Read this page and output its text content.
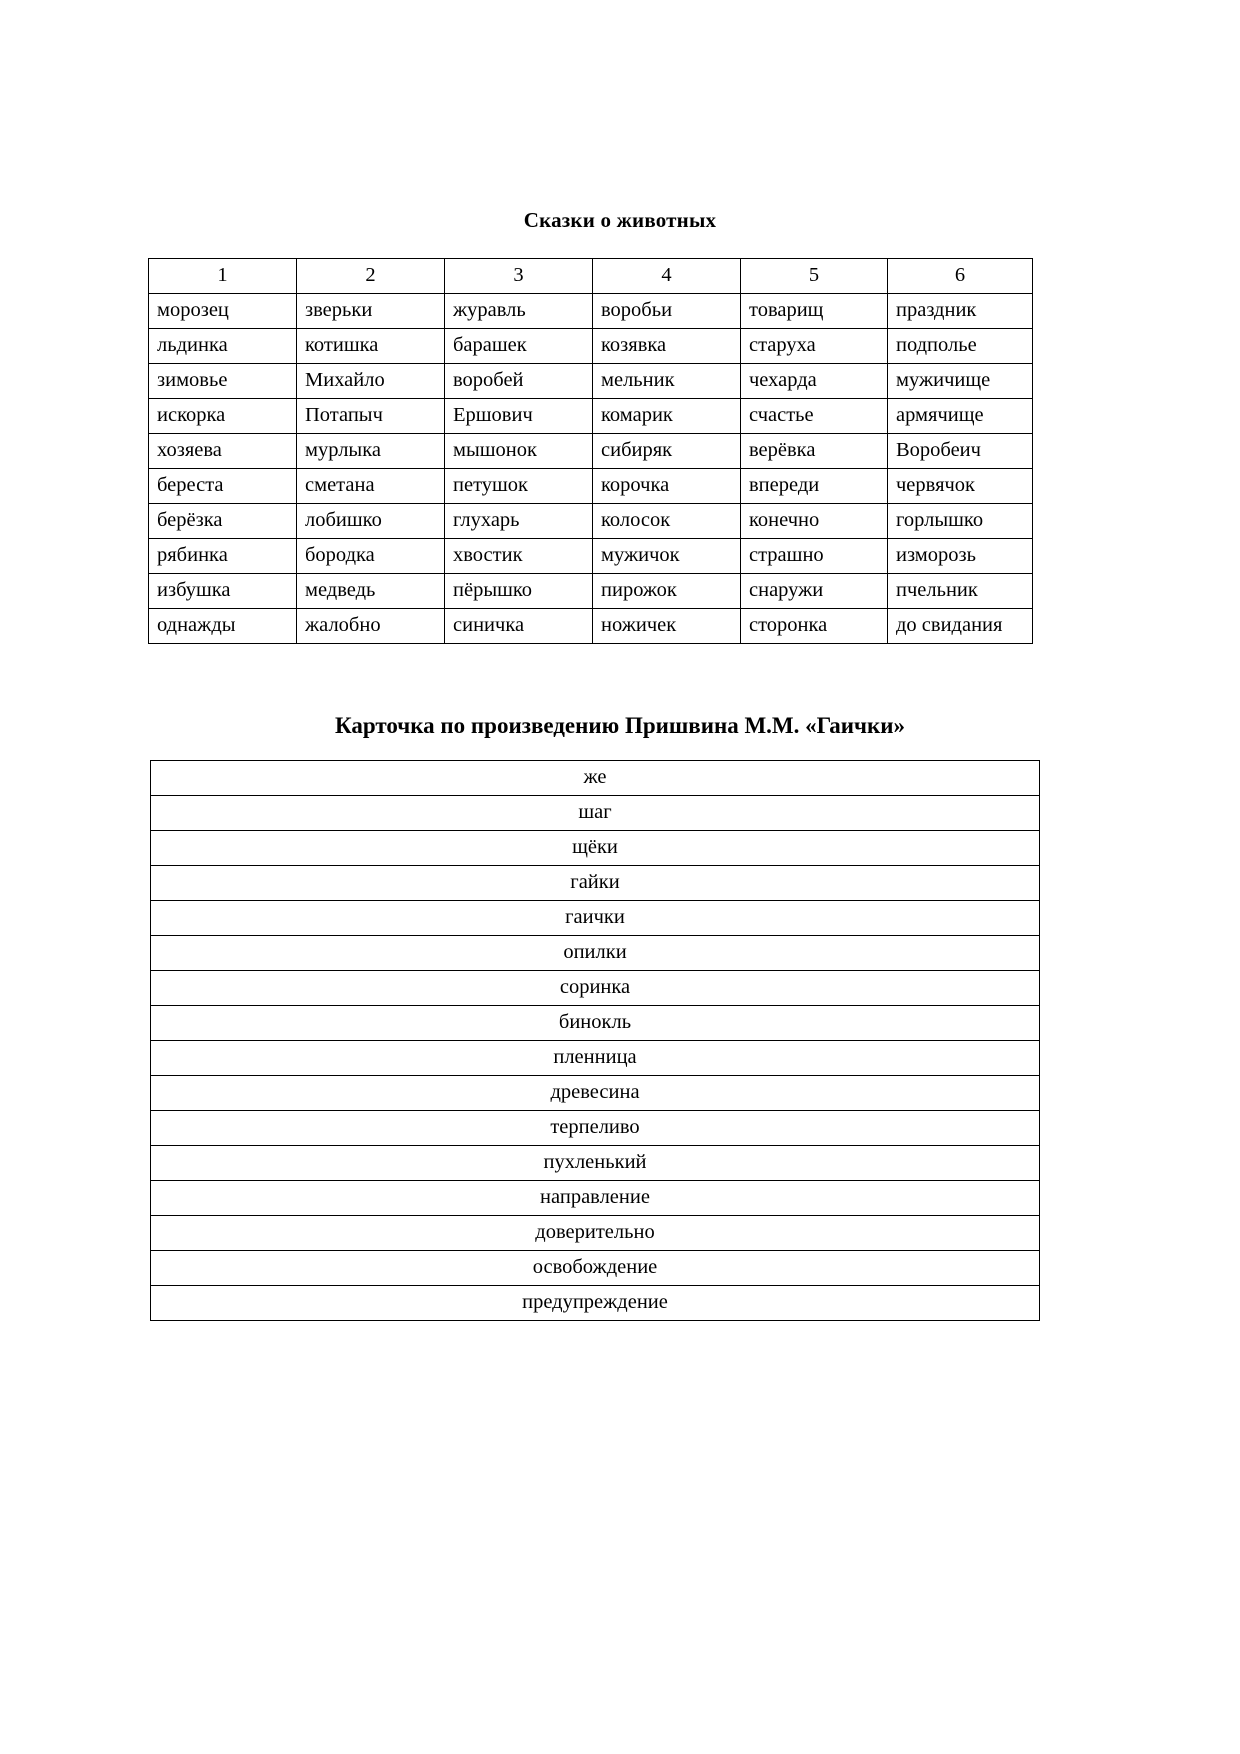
Сказки о животных
1	2	3	4	5	6
морозец	зверьки	журавль	воробьи	товарищ	праздник
льдинка	котишка	барашек	козявка	старуха	подполье
зимовье	Михайло	воробей	мельник	чехарда	мужичище
искорка	Потапыч	Ершович	комарик	счастье	армячище
хозяева	мурлыка	мышонок	сибиряк	верёвка	Воробеич
береста	сметана	петушок	корочка	впереди	червячок
берёзка	лобишко	глухарь	колосок	конечно	горлышко
рябинка	бородка	хвостик	мужичок	страшно	изморозь
избушка	медведь	пёрышко	пирожок	снаружи	пчельник
однажды	жалобно	синичка	ножичек	сторонка	до свидания
Карточка по произведению Пришвина М.М. «Гаички»
же
шаг
щёки
гайки
гаички
опилки
соринка
бинокль
пленница
древесина
терпеливо
пухленький
направление
доверительно
освобождение
предупреждение
